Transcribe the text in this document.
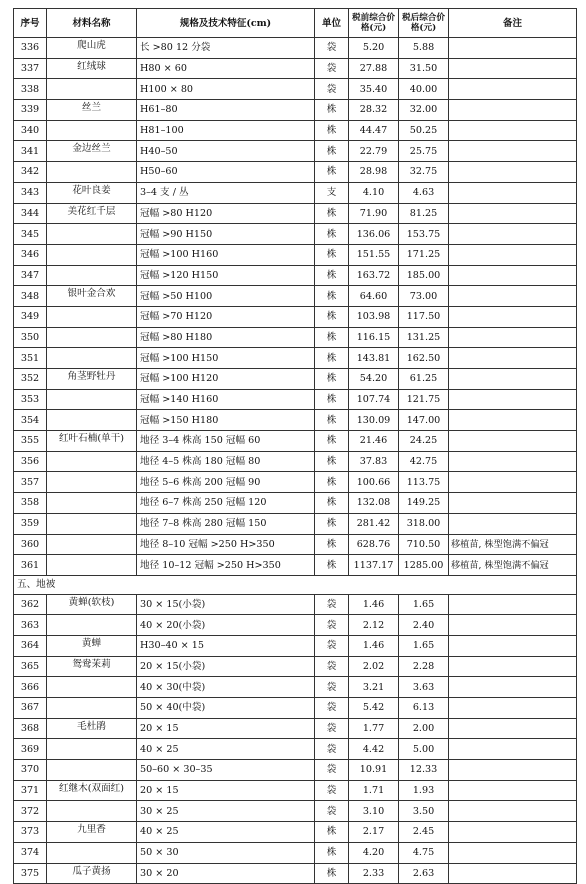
序号	材料名称	规格及技术特征(cm)	单位	税前综合价格(元)	税后综合价格(元)	备注
336	爬山虎	长 >80 12 分袋	袋	5.20	5.88	
337	红绒球	H80 × 60	袋	27.88	31.50	
338		H100 × 80	袋	35.40	40.00	
339	丝兰	H61–80	株	28.32	32.00	
340		H81–100	株	44.47	50.25	
341	金边丝兰	H40–50	株	22.79	25.75	
342		H50–60	株	28.98	32.75	
343	花叶良姜	3–4 支 / 丛	支	4.10	4.63	
344	美花红千层	冠幅 >80 H120	株	71.90	81.25	
345		冠幅 >90 H150	株	136.06	153.75	
346		冠幅 >100 H160	株	151.55	171.25	
347		冠幅 >120 H150	株	163.72	185.00	
348	银叶金合欢	冠幅 >50 H100	株	64.60	73.00	
349		冠幅 >70 H120	株	103.98	117.50	
350		冠幅 >80 H180	株	116.15	131.25	
351		冠幅 >100 H150	株	143.81	162.50	
352	角茎野牡丹	冠幅 >100 H120	株	54.20	61.25	
353		冠幅 >140 H160	株	107.74	121.75	
354		冠幅 >150 H180	株	130.09	147.00	
355	红叶石楠(单干)	地径 3–4 株高 150 冠幅 60	株	21.46	24.25	
356		地径 4–5 株高 180 冠幅 80	株	37.83	42.75	
357		地径 5–6 株高 200 冠幅 90	株	100.66	113.75	
358		地径 6–7 株高 250 冠幅 120	株	132.08	149.25	
359		地径 7–8 株高 280 冠幅 150	株	281.42	318.00	
360		地径 8–10 冠幅 >250 H>350	株	628.76	710.50	移植苗, 株型饱满不偏冠
361		地径 10–12 冠幅 >250 H>350	株	1137.17	1285.00	移植苗, 株型饱满不偏冠
五、地被						
362	黄蝉(软枝)	30 × 15(小袋)	袋	1.46	1.65	
363		40 × 20(小袋)	袋	2.12	2.40	
364	黄蝉	H30–40 × 15	袋	1.46	1.65	
365	鸳鸯茉莉	20 × 15(小袋)	袋	2.02	2.28	
366		40 × 30(中袋)	袋	3.21	3.63	
367		50 × 40(中袋)	袋	5.42	6.13	
368	毛杜鹃	20 × 15	袋	1.77	2.00	
369		40 × 25	袋	4.42	5.00	
370		50–60 × 30–35	袋	10.91	12.33	
371	红继木(双面红)	20 × 15	袋	1.71	1.93	
372		30 × 25	袋	3.10	3.50	
373	九里香	40 × 25	株	2.17	2.45	
374		50 × 30	株	4.20	4.75	
375	瓜子黄扬	30 × 20	株	2.33	2.63	
